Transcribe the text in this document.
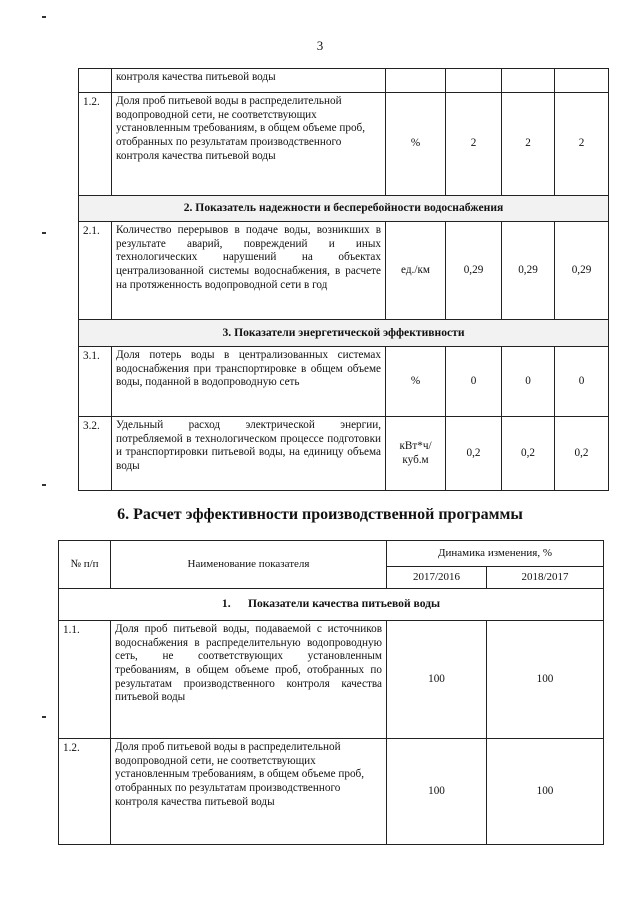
3
	контроля качества питьевой воды				
1.2.	Доля проб питьевой воды в распределительной водопроводной сети, не соответствующих установленным требованиям, в общем объеме проб, отобранных по результатам производственного контроля качества питьевой воды	%	2	2	2
2. Показатель надежности и бесперебойности водоснабжения					
2.1.	Количество перерывов в подаче воды, возникших в результате аварий, повреждений и иных технологических нарушений на объектах централизованной системы водоснабжения, в расчете на протяженность водопроводной сети в год	ед./км	0,29	0,29	0,29
3. Показатели энергетической эффективности					
3.1.	Доля потерь воды в централизованных системах водоснабжения при транспортировке в общем объеме воды, поданной в водопроводную сеть	%	0	0	0
3.2.	Удельный расход электрической энергии, потребляемой в технологическом процессе подготовки и транспортировки питьевой воды, на единицу объема воды	кВт*ч/ куб.м	0,2	0,2	0,2
6. Расчет эффективности производственной программы
№ п/п	Наименование показателя	Динамика изменения, %	
		2017/2016	2018/2017
1.      Показатели качества питьевой воды			
1.1.	Доля проб питьевой воды, подаваемой с источников водоснабжения в распределительную водопроводную сеть, не соответствующих установленным требованиям, в общем объеме проб, отобранных по результатам производственного контроля качества питьевой воды	100	100
1.2.	Доля проб питьевой воды в распределительной водопроводной сети, не соответствующих установленным требованиям, в общем объеме проб, отобранных по результатам производственного контроля качества питьевой воды	100	100
